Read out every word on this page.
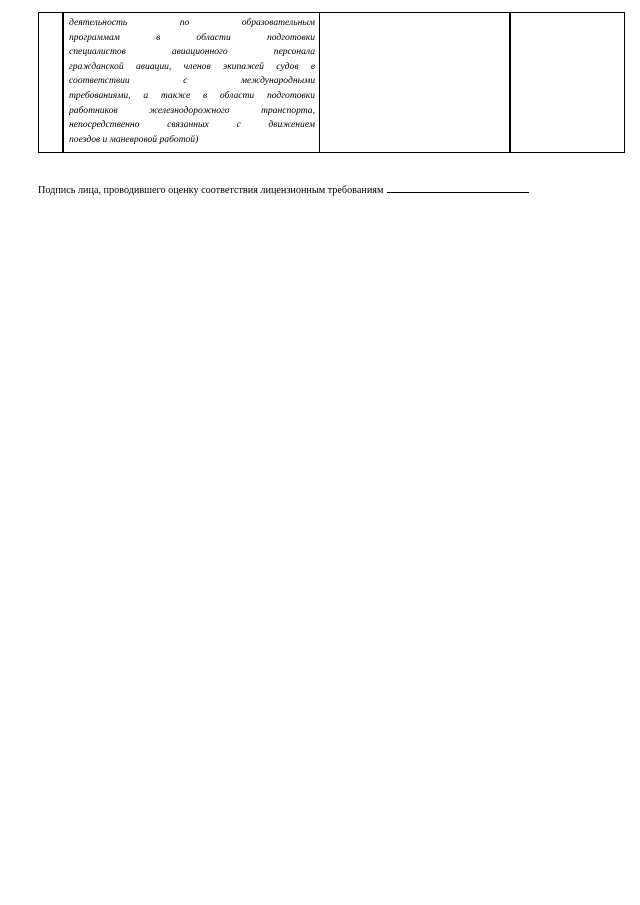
деятельность по образовательным
программам в области подготовки
специалистов авиационного персонала
гражданской авиации, членов экипажей судов в
соответствии с международными
требованиями, а также в области подготовки
работников железнодорожного транспорта,
непосредственно связанных с движением
поездов и маневровой работой)

Подпись лица, проводившего оценку соответствия лицензионным требованиям
